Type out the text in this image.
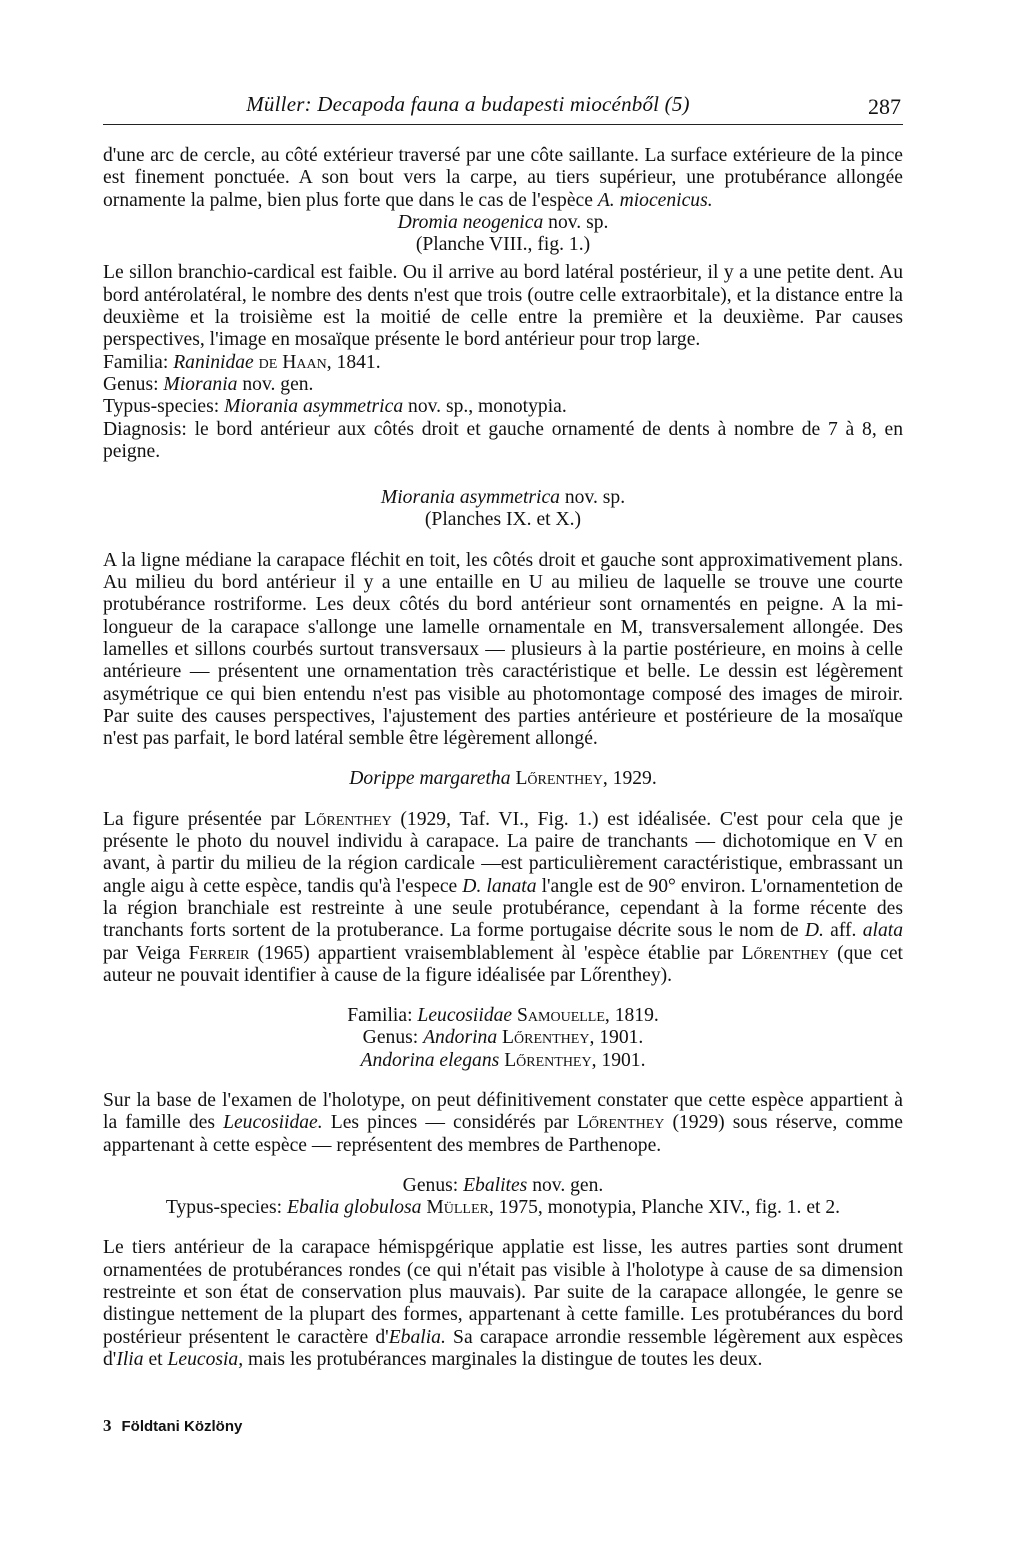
Müller: Decapoda fauna a budapesti miocénből (5)	287

d'une arc de cercle, au côté extérieur traversé par une côte saillante. La surface extérieure de la pince est finement ponctuée. A son bout vers la carpe, au tiers supérieur, une protubérance allongée ornamente la palme, bien plus forte que dans le cas de l'espèce A. miocenicus.

Dromia neogenica nov. sp.
(Planche VIII., fig. 1.)

Le sillon branchio-cardical est faible. Ou il arrive au bord latéral postérieur, il y a une petite dent. Au bord antérolatéral, le nombre des dents n'est que trois (outre celle extraorbitale), et la distance entre la deuxième et la troisième est la moitié de celle entre la première et la deuxième. Par causes perspectives, l'image en mosaïque présente le bord antérieur pour trop large.

Familia: Raninidae de Haan, 1841.
Genus: Miorania nov. gen.
Typus-species: Miorania asymmetrica nov. sp., monotypia.

Diagnosis: le bord antérieur aux côtés droit et gauche ornamenté de dents à nombre de 7 à 8, en peigne.

Miorania asymmetrica nov. sp.
(Planches IX. et X.)

A la ligne médiane la carapace fléchit en toit, les côtés droit et gauche sont approximativement plans. Au milieu du bord antérieur il y a une entaille en U au milieu de laquelle se trouve une courte protubérance rostriforme. Les deux côtés du bord antérieur sont ornamentés en peigne. A la mi-longueur de la carapace s'allonge une lamelle ornamentale en M, transversalement allongée. Des lamelles et sillons courbés surtout transversaux — plusieurs à la partie postérieure, en moins à celle antérieure — présentent une ornamentation très caractéristique et belle. Le dessin est légèrement asymétrique ce qui bien entendu n'est pas visible au photomontage composé des images de miroir. Par suite des causes perspectives, l'ajustement des parties antérieure et postérieure de la mosaïque n'est pas parfait, le bord latéral semble être légèrement allongé.

Dorippe margaretha Lőrenthey, 1929.

La figure présentée par Lőrenthey (1929, Taf. VI., Fig. 1.) est idéalisée. C'est pour cela que je présente le photo du nouvel individu à carapace. La paire de tranchants — dichotomique en V en avant, à partir du milieu de la région cardicale —est particulièrement caractéristique, embrassant un angle aigu à cette espèce, tandis qu'à l'espece D. lanata l'angle est de 90° environ. L'ornamentetion de la région branchiale est restreinte à une seule protubérance, cependant à la forme récente des tranchants forts sortent de la protuberance. La forme portugaise décrite sous le nom de D. aff. alata par Veiga Ferreir (1965) appartient vraisemblablement àl 'espèce établie par Lőrenthey (que cet auteur ne pouvait identifier à cause de la figure idéalisée par Lőrenthey).

Familia: Leucosiidae Samouelle, 1819.
Genus: Andorina Lőrenthey, 1901.
Andorina elegans Lőrenthey, 1901.

Sur la base de l'examen de l'holotype, on peut définitivement constater que cette espèce appartient à la famille des Leucosiidae. Les pinces — considérés par Lőrenthey (1929) sous réserve, comme appartenant à cette espèce — représentent des membres de Parthenope.

Genus: Ebalites nov. gen.
Typus-species: Ebalia globulosa Müller, 1975, monotypia, Planche XIV., fig. 1. et 2.

Le tiers antérieur de la carapace hémispgérique applatie est lisse, les autres parties sont drument ornamentées de protubérances rondes (ce qui n'était pas visible à l'holotype à cause de sa dimension restreinte et son état de conservation plus mauvais). Par suite de la carapace allongée, le genre se distingue nettement de la plupart des formes, appartenant à cette famille. Les protubérances du bord postérieur présentent le caractère d'Ebalia. Sa carapace arrondie ressemble légèrement aux espèces d'Ilia et Leucosia, mais les protubérances marginales la distingue de toutes les deux.

3 Földtani Közlöny
